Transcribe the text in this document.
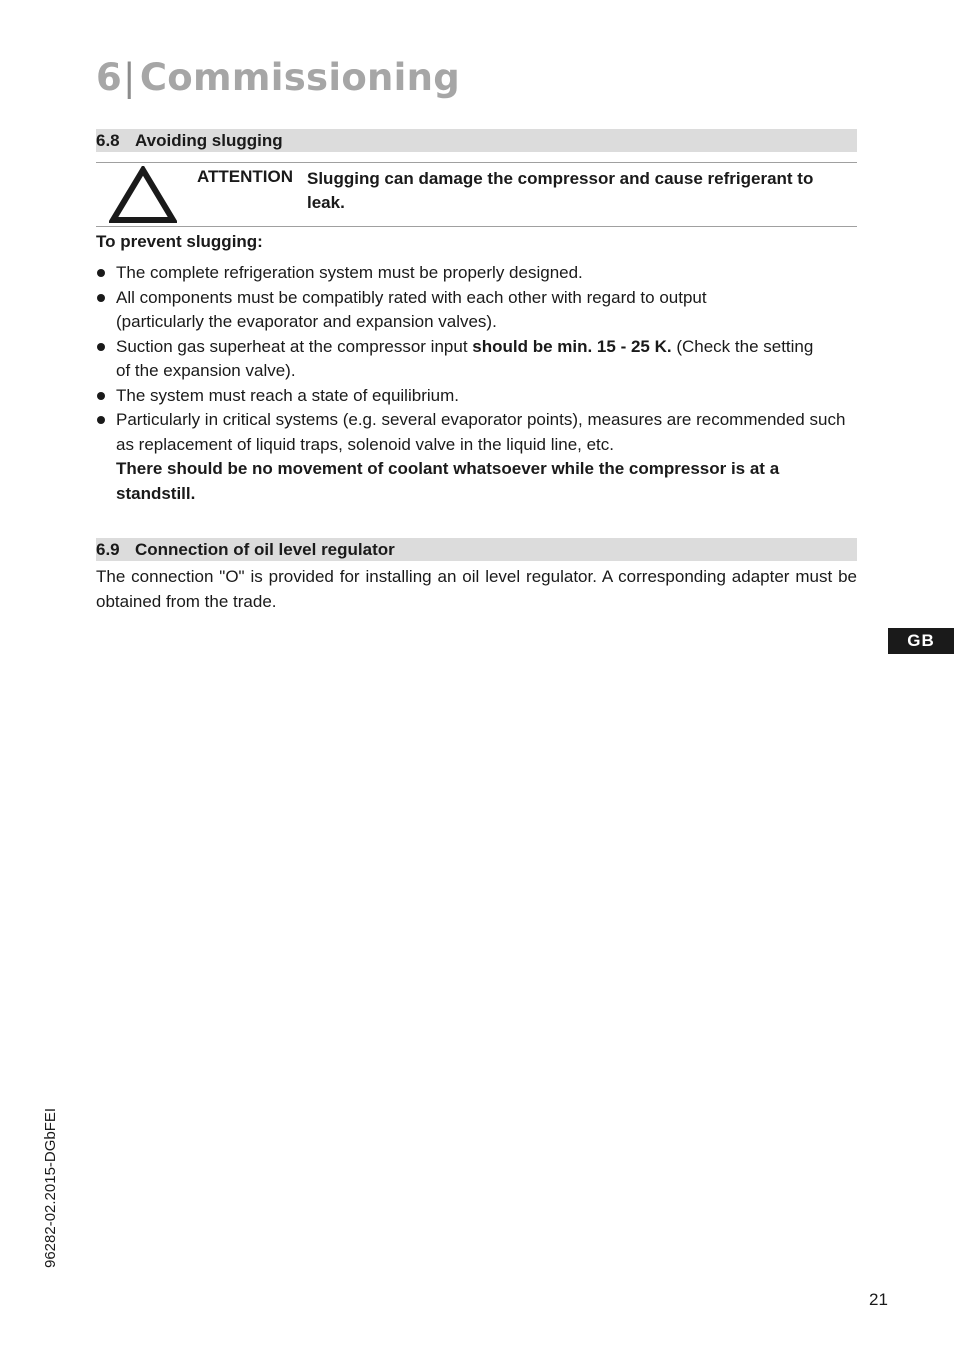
6| Commissioning
6.8 Avoiding slugging
ATTENTION Slugging can damage the compressor and cause refrigerant to leak.
To prevent slugging:
The complete refrigeration system must be properly designed.
All components must be compatibly rated with each other with regard to output (particularly the evaporator and expansion valves).
Suction gas superheat at the compressor input should be min. 15 - 25 K. (Check the setting of the expansion valve).
The system must reach a state of equilibrium.
Particularly in critical systems (e.g. several evaporator points), measures are recommended such as replacement of liquid traps, solenoid valve in the liquid line, etc.
There should be no movement of coolant whatsoever while the compressor is at a standstill.
6.9 Connection of oil level regulator
The connection "O" is provided for installing an oil level regulator. A corresponding adapter must be obtained from the trade.
GB
96282-02.2015-DGbFEI
21
